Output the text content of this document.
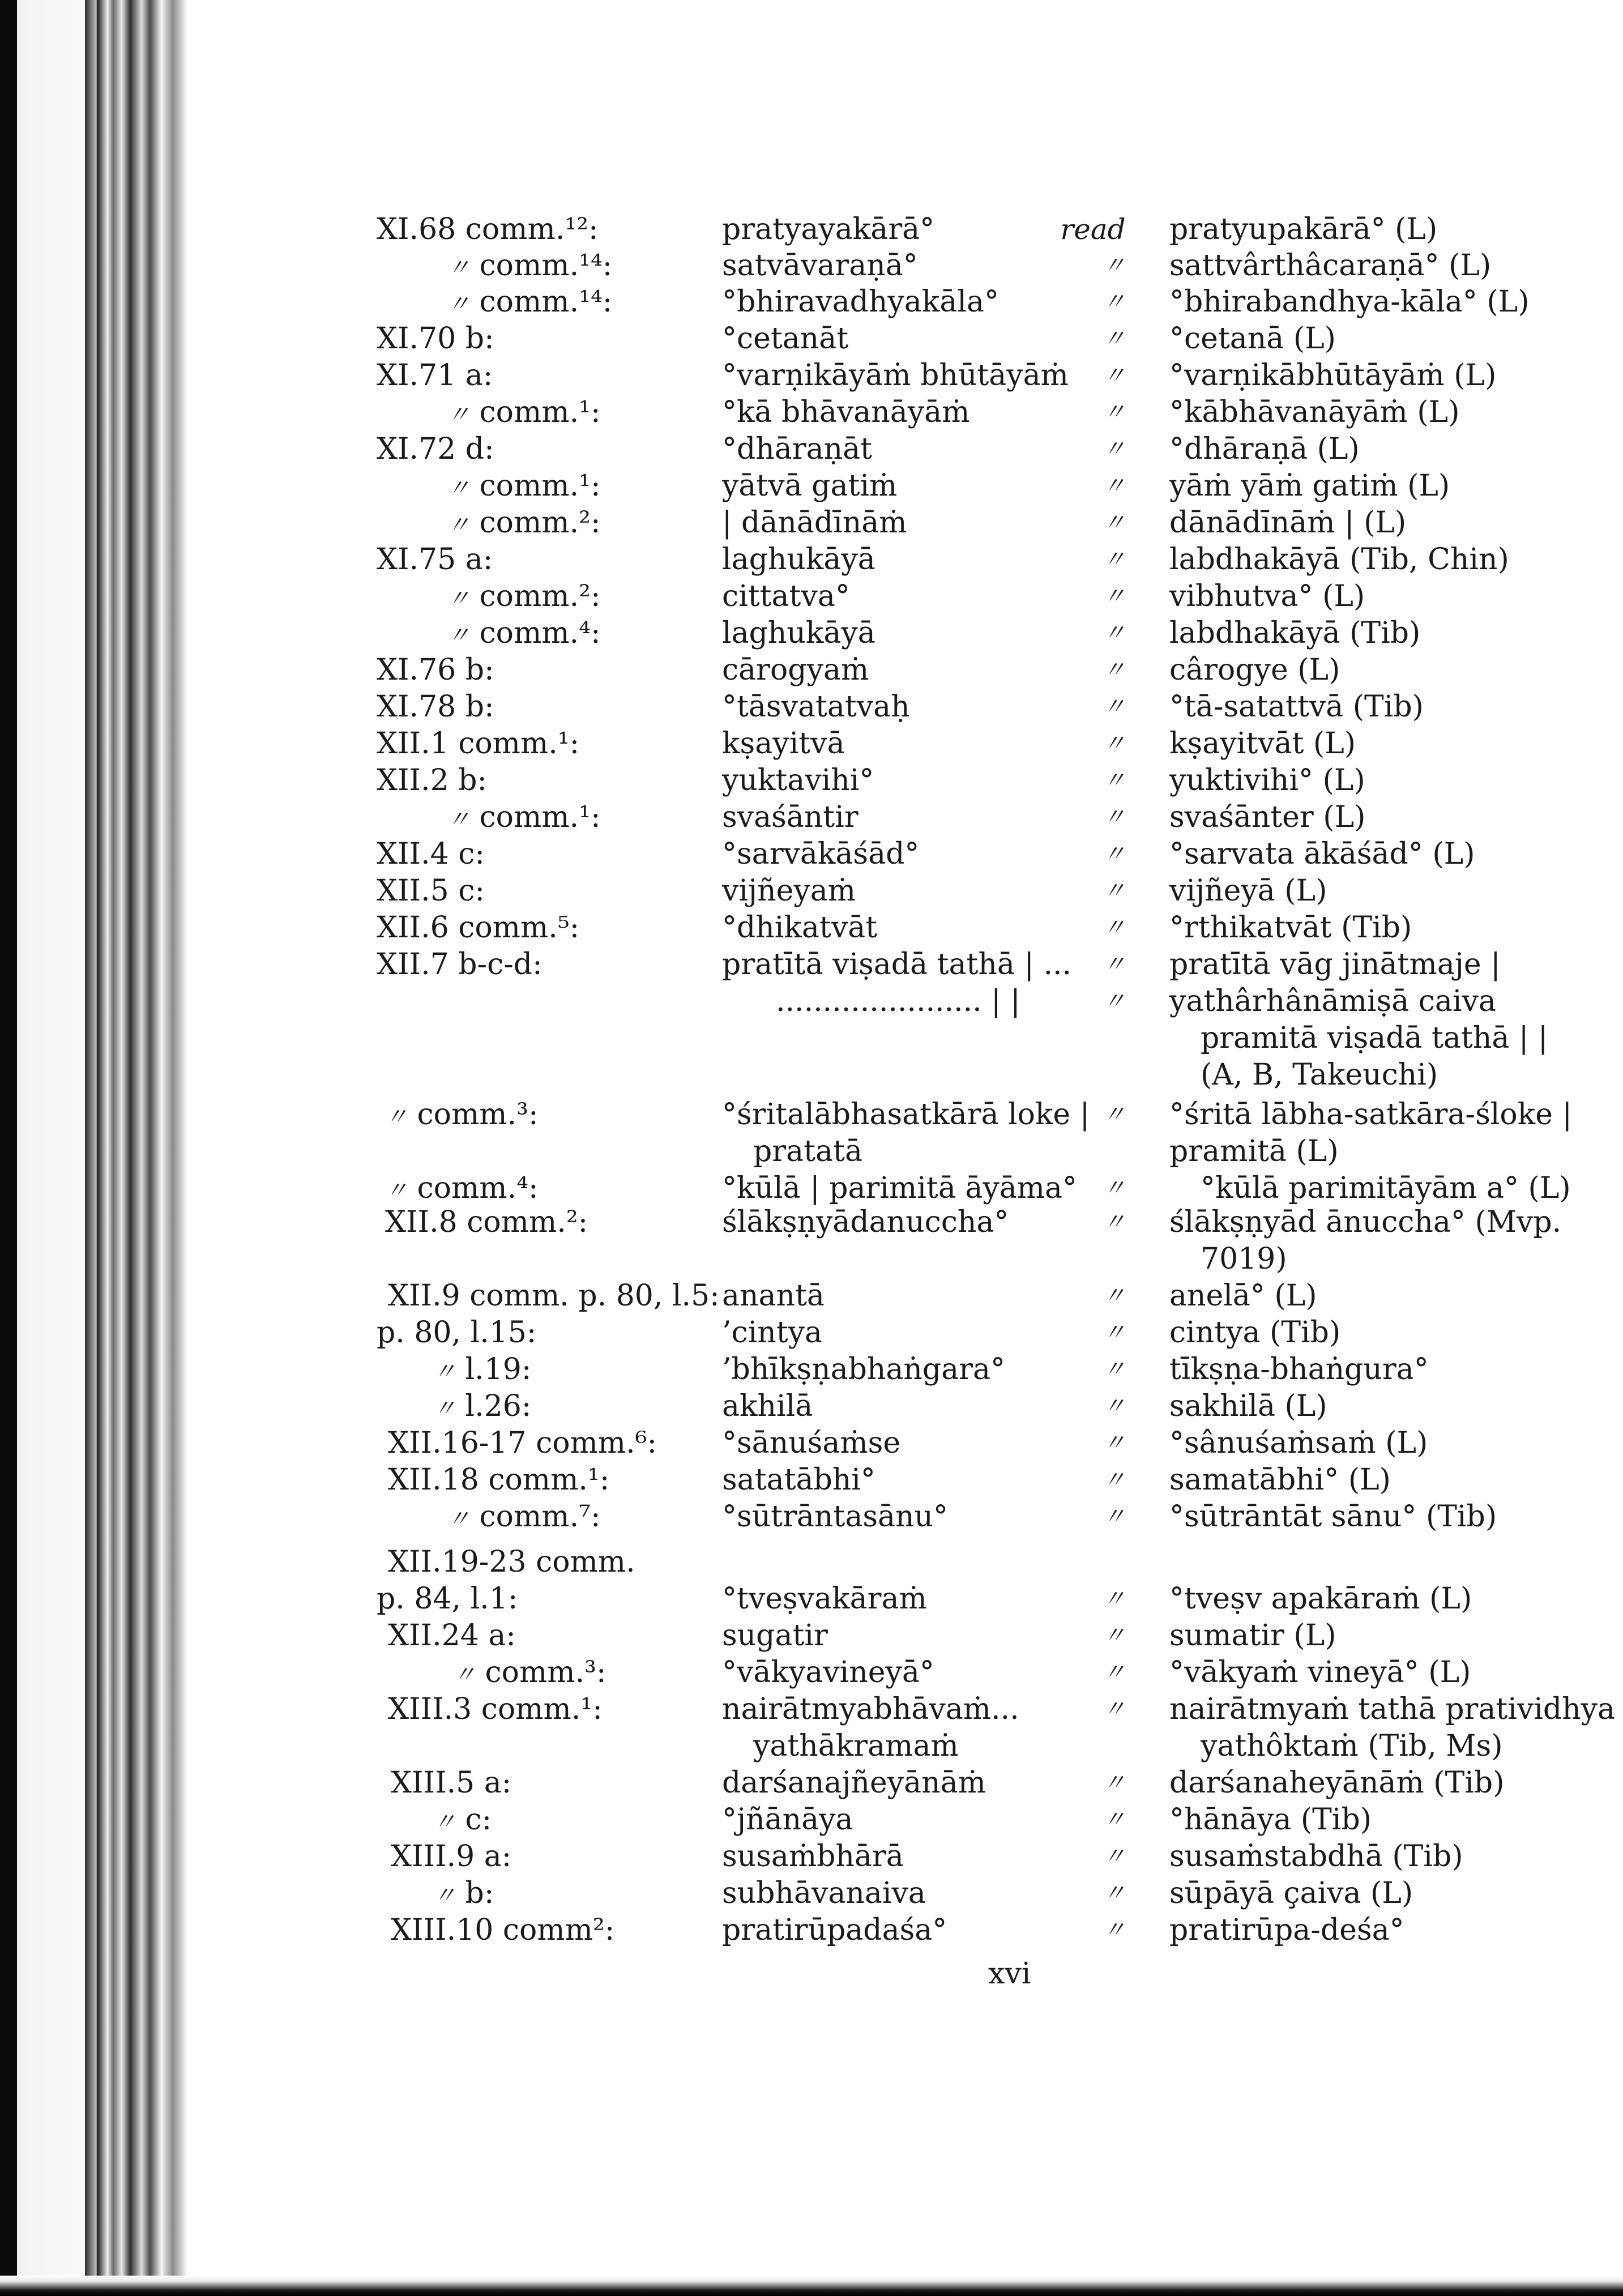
XI.68 comm.¹²:	pratyayakārā°	read pratyupakārā° (L)
〃 comm.¹⁴:	satvāvaraṇā°	〃 sattvârthâcaraṇā° (L)
〃 comm.¹⁴:	°bhiravadhyakāla°	〃 °bhirabandhya-kāla° (L)
XI.70 b:	°cetanāt	〃 °cetanā (L)
XI.71 a:	°varṇikāyāṁ bhūtāyāṁ 〃 °varṇikābhūtāyāṁ (L)
〃 comm.¹:	°kā bhāvanāyāṁ	〃 °kābhāvanāyāṁ (L)
XI.72 d:	°dhāraṇāt	〃 °dhāraṇā (L)
〃 comm.¹:	yātvā gatiṁ	〃 yāṁ yāṁ gatiṁ (L)
〃 comm.²:	| dānādīnāṁ	〃 dānādīnāṁ | (L)
XI.75 a:	laghukāyā	〃 labdhakāyā (Tib, Chin)
〃 comm.²:	cittatva°	〃 vibhutva° (L)
〃 comm.⁴:	laghukāyā	〃 labdhakāyā (Tib)
XI.76 b:	cārogyaṁ	〃 cârogye (L)
XI.78 b:	°tāsvatatvaḥ	〃 °tā-satattvā (Tib)
XII.1 comm.¹:	kṣayitvā	〃 kṣayitvāt (L)
XII.2 b:	yuktavihi°	〃 yuktivihi° (L)
〃 comm.¹:	svaśāntir	〃 svaśānter (L)
XII.4 c:	°sarvākāśād°	〃 °sarvata ākāśād° (L)
XII.5 c:	vijñeyaṁ	〃 vijñeyā (L)
XII.6 comm.⁵:	°dhikatvāt	〃 °rthikatvāt (Tib)
XII.7 b-c-d:	pratītā viṣadā tathā | ... 〃 pratītā vāg jinātmaje |
...................... | |	〃 yathârhânāmiṣā caiva
pramitā viṣadā tathā | |
(A, B, Takeuchi)
〃 comm.³:	°śritalābhasatkārā loke | 〃 °śritā lābha-satkāra-śloke |
pratatā	pramitā (L)
〃 comm.⁴:	°kūlā | parimitā āyāma° 〃	°kūlā parimitāyām a° (L)
XII.8 comm.²:	ślākṣṇyādanuccha°	〃 ślākṣṇyād ānuccha° (Mvp.
7019)
XII.9 comm. p. 80, l.5: anantā	〃 anelā° (L)
p. 80, l.15:	’cintya	〃 cintya (Tib)
〃 l.19:	’bhīkṣṇabhaṅgara°	〃 tīkṣṇa-bhaṅgura°
〃 l.26:	akhilā	〃 sakhilā (L)
XII.16-17 comm.⁶: °sānuśaṁse	〃 °sânuśaṁsaṁ (L)
XII.18 comm.¹:	satatābhi°	〃 samatābhi° (L)
〃 comm.⁷:	°sūtrāntasānu°	〃 °sūtrāntāt sānu° (Tib)
XII.19-23 comm.
p. 84, l.1:	°tveṣvakāraṁ	〃 °tveṣv apakāraṁ (L)
XII.24 a:	sugatir	〃 sumatir (L)
〃 comm.³:	°vākyavineyā°	〃 °vākyaṁ vineyā° (L)
XIII.3 comm.¹:	nairātmyabhāvaṁ...	〃 nairātmyaṁ tathā pratividhya
yathākramaṁ	yathôktaṁ (Tib, Ms)
XIII.5 a:	darśanajñeyānāṁ	〃 darśanaheyānāṁ (Tib)
〃 c:	°jñānāya	〃 °hānāya (Tib)
XIII.9 a:	susaṁbhārā	〃 susaṁstabdhā (Tib)
〃 b:	subhāvanaiva	〃 sūpāyā çaiva (L)
XIII.10 comm²:	pratirūpadaśa°	〃 pratirūpa-deśa°
xvi
